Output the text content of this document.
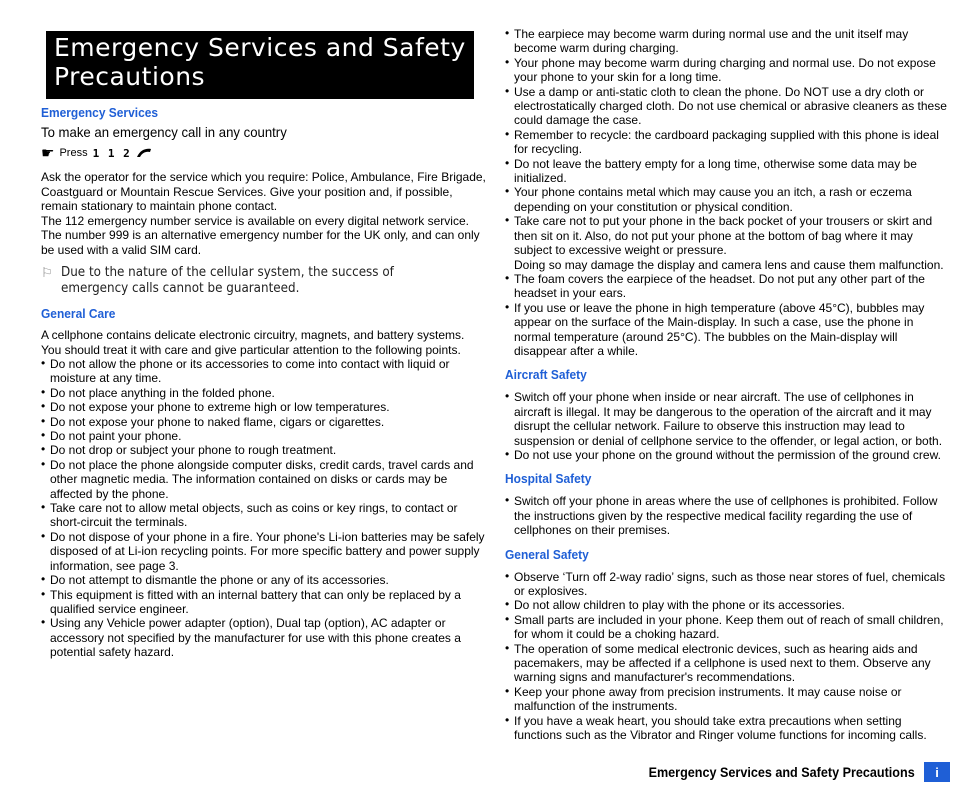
Emergency Services and Safety Precautions
Emergency Services
To make an emergency call in any country
☛ Press 1 1 2

Ask the operator for the service which you require: Police, Ambulance, Fire Brigade, Coastguard or Mountain Rescue Services. Give your position and, if possible, remain stationary to maintain phone contact.

The 112 emergency number service is available on every digital network service. The number 999 is an alternative emergency number for the UK only, and can only be used with a valid SIM card.

⚐ Due to the nature of the cellular system, the success of emergency calls cannot be guaranteed.
General Care

A cellphone contains delicate electronic circuitry, magnets, and battery systems. You should treat it with care and give particular attention to the following points.

• Do not allow the phone or its accessories to come into contact with liquid or moisture at any time.
• Do not place anything in the folded phone.
• Do not expose your phone to extreme high or low temperatures.
• Do not expose your phone to naked flame, cigars or cigarettes.
• Do not paint your phone.
• Do not drop or subject your phone to rough treatment.
• Do not place the phone alongside computer disks, credit cards, travel cards and other magnetic media. The information contained on disks or cards may be affected by the phone.
• Take care not to allow metal objects, such as coins or key rings, to contact or short-circuit the terminals.
• Do not dispose of your phone in a fire. Your phone's Li-ion batteries may be safely disposed of at Li-ion recycling points. For more specific battery and power supply information, see page 3.
• Do not attempt to dismantle the phone or any of its accessories.
• This equipment is fitted with an internal battery that can only be replaced by a qualified service engineer.
• Using any Vehicle power adapter (option), Dual tap (option), AC adapter or accessory not specified by the manufacturer for use with this phone creates a potential safety hazard.
• The earpiece may become warm during normal use and the unit itself may become warm during charging.
• Your phone may become warm during charging and normal use. Do not expose your phone to your skin for a long time.
• Use a damp or anti-static cloth to clean the phone. Do NOT use a dry cloth or electrostatically charged cloth. Do not use chemical or abrasive cleaners as these could damage the case.
• Remember to recycle: the cardboard packaging supplied with this phone is ideal for recycling.
• Do not leave the battery empty for a long time, otherwise some data may be initialized.
• Your phone contains metal which may cause you an itch, a rash or eczema depending on your constitution or physical condition.
• Take care not to put your phone in the back pocket of your trousers or skirt and then sit on it. Also, do not put your phone at the bottom of bag where it may subject to excessive weight or pressure.
Doing so may damage the display and camera lens and cause them malfunction.
• The foam covers the earpiece of the headset. Do not put any other part of the headset in your ears.
• If you use or leave the phone in high temperature (above 45°C), bubbles may appear on the surface of the Main-display. In such a case, use the phone in normal temperature (around 25°C). The bubbles on the Main-display will disappear after a while.
Aircraft Safety
• Switch off your phone when inside or near aircraft. The use of cellphones in aircraft is illegal. It may be dangerous to the operation of the aircraft and it may disrupt the cellular network. Failure to observe this instruction may lead to suspension or denial of cellphone service to the offender, or legal action, or both.
• Do not use your phone on the ground without the permission of the ground crew.
Hospital Safety
• Switch off your phone in areas where the use of cellphones is prohibited. Follow the instructions given by the respective medical facility regarding the use of cellphones on their premises.
General Safety
• Observe ‘Turn off 2-way radio’ signs, such as those near stores of fuel, chemicals or explosives.
• Do not allow children to play with the phone or its accessories.
• Small parts are included in your phone. Keep them out of reach of small children, for whom it could be a choking hazard.
• The operation of some medical electronic devices, such as hearing aids and pacemakers, may be affected if a cellphone is used next to them. Observe any warning signs and manufacturer's recommendations.
• Keep your phone away from precision instruments. It may cause noise or malfunction of the instruments.
• If you have a weak heart, you should take extra precautions when setting functions such as the Vibrator and Ringer volume functions for incoming calls.
Emergency Services and Safety Precautions	i
